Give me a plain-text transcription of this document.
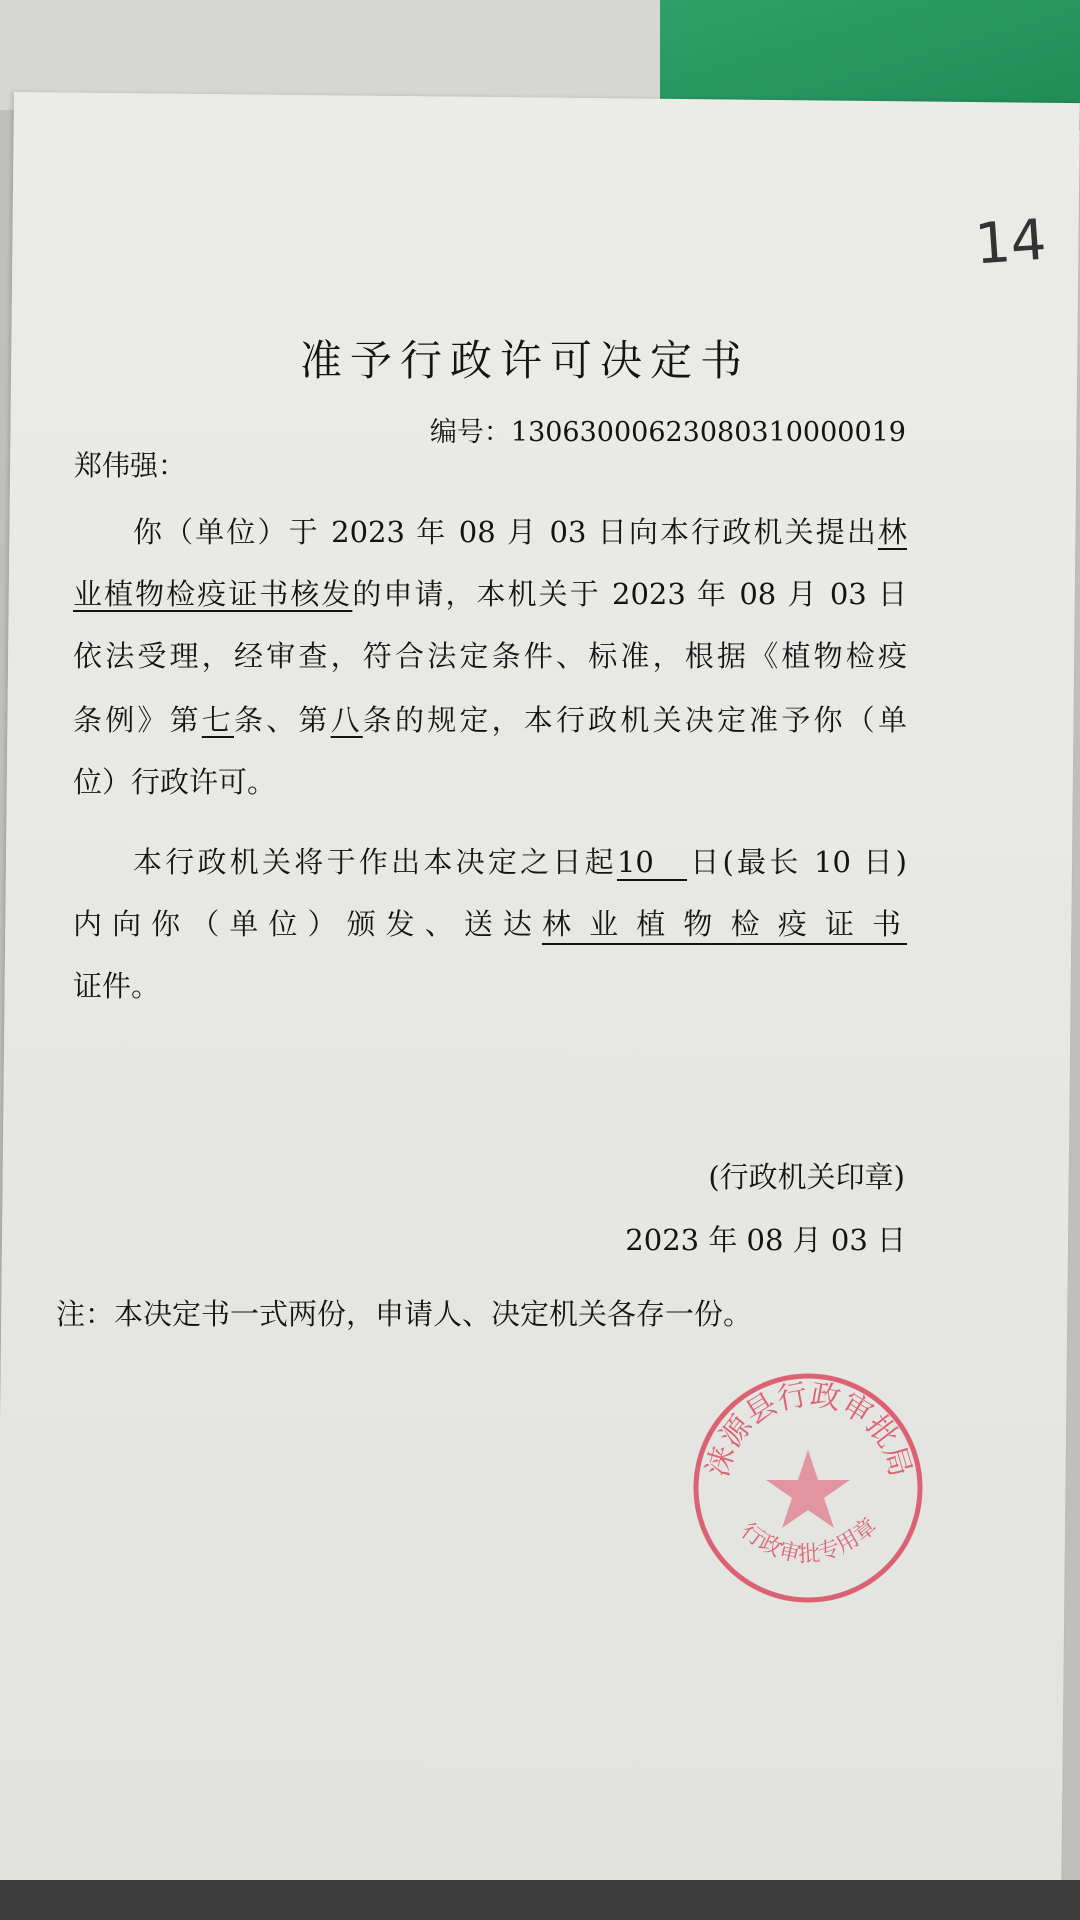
14
准予行政许可决定书
编号：13063000623080310000019
郑伟强：
你（单位）于 2023 年 08 月 03 日向本行政机关提出林
业植物检疫证书核发的申请，本机关于 2023 年 08 月 03 日
依法受理，经审查，符合法定条件、标准，根据《植物检疫
条例》第七条、第八条的规定，本行政机关决定准予你（单
位）行政许可。
本行政机关将于作出本决定之日起10 日(最长 10 日)
内向你（单位）颁发、送达林业植物检疫证书
证件。
(行政机关印章)
2023 年 08 月 03 日
注：本决定书一式两份，申请人、决定机关各存一份。
涞源县行政审批局
行政审批专用章
